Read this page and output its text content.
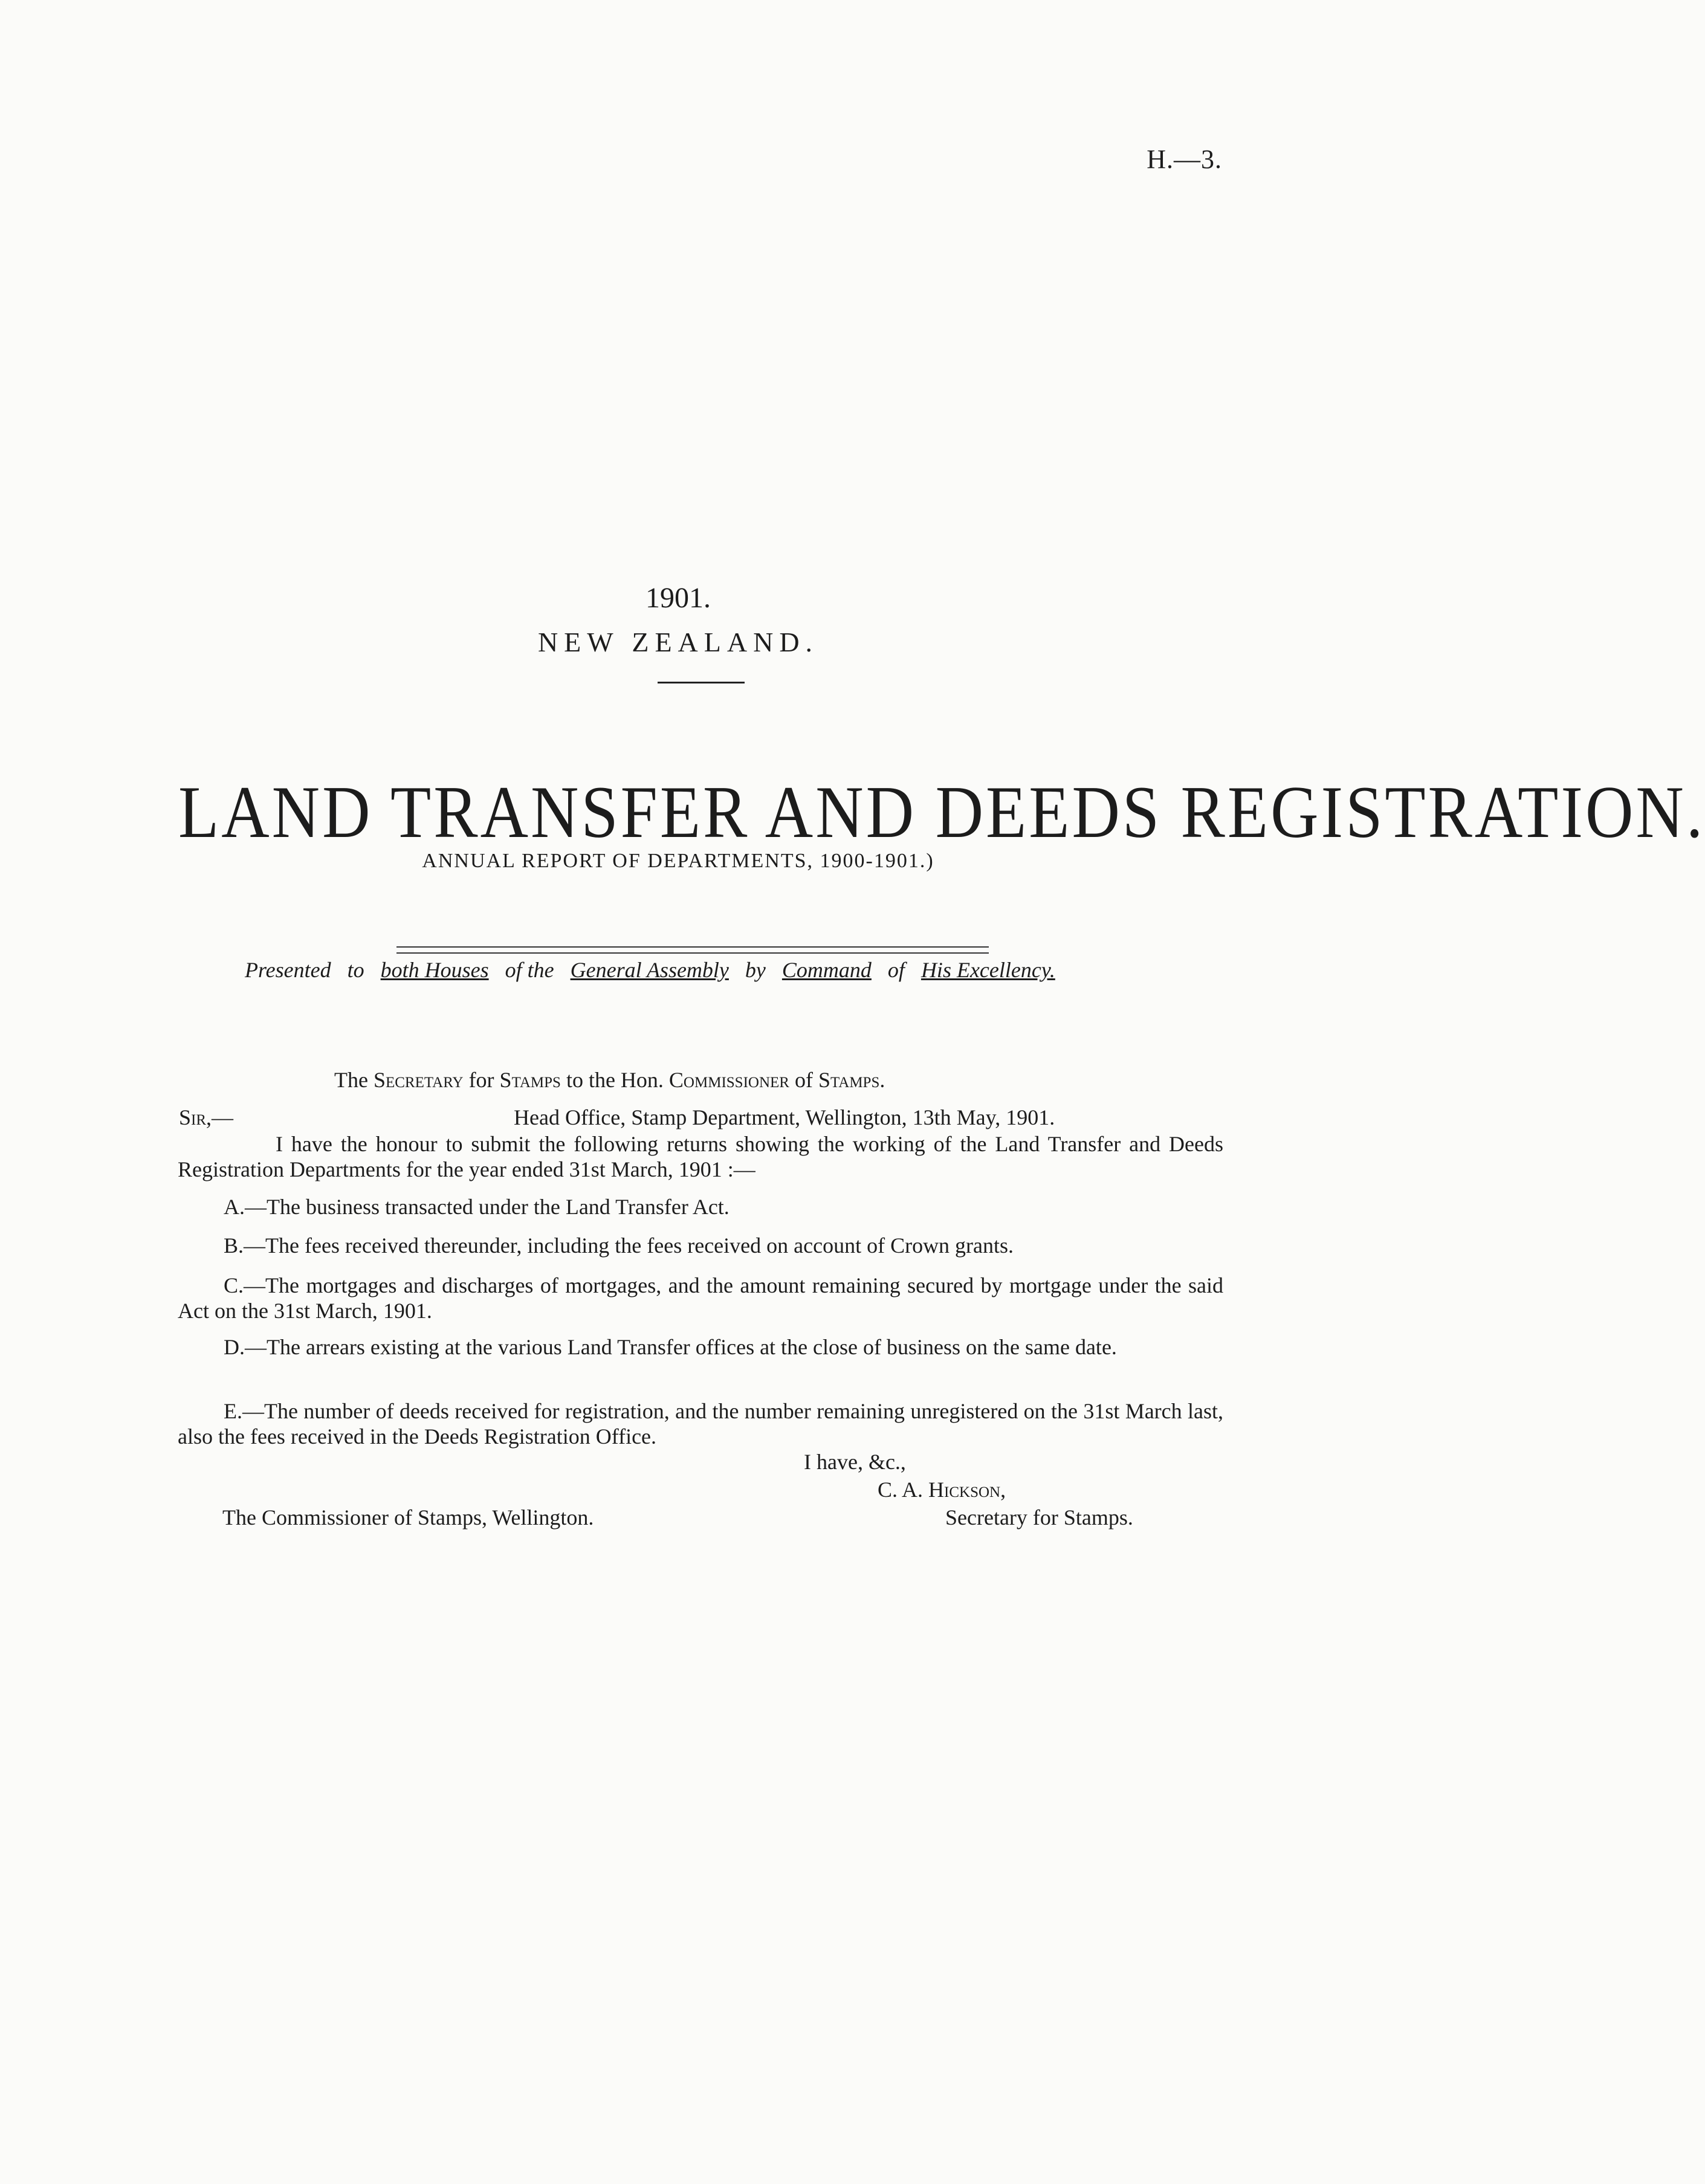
H.—3.
1901.
NEW ZEALAND.
LAND TRANSFER AND DEEDS REGISTRATION.
ANNUAL REPORT OF DEPARTMENTS, 1900-1901.)
Presented to both Houses of the General Assembly by Command of His Excellency.
The Secretary for Stamps to the Hon. Commissioner of Stamps.
Sir,—	Head Office, Stamp Department, Wellington, 13th May, 1901.
I have the honour to submit the following returns showing the working of the Land Transfer and Deeds Registration Departments for the year ended 31st March, 1901 :—
A.—The business transacted under the Land Transfer Act.
B.—The fees received thereunder, including the fees received on account of Crown grants.
C.—The mortgages and discharges of mortgages, and the amount remaining secured by mortgage under the said Act on the 31st March, 1901.
D.—The arrears existing at the various Land Transfer offices at the close of business on the same date.
E.—The number of deeds received for registration, and the number remaining unregistered on the 31st March last, also the fees received in the Deeds Registration Office.
I have, &c.,
C. A. Hickson,
Secretary for Stamps.
The Commissioner of Stamps, Wellington.
